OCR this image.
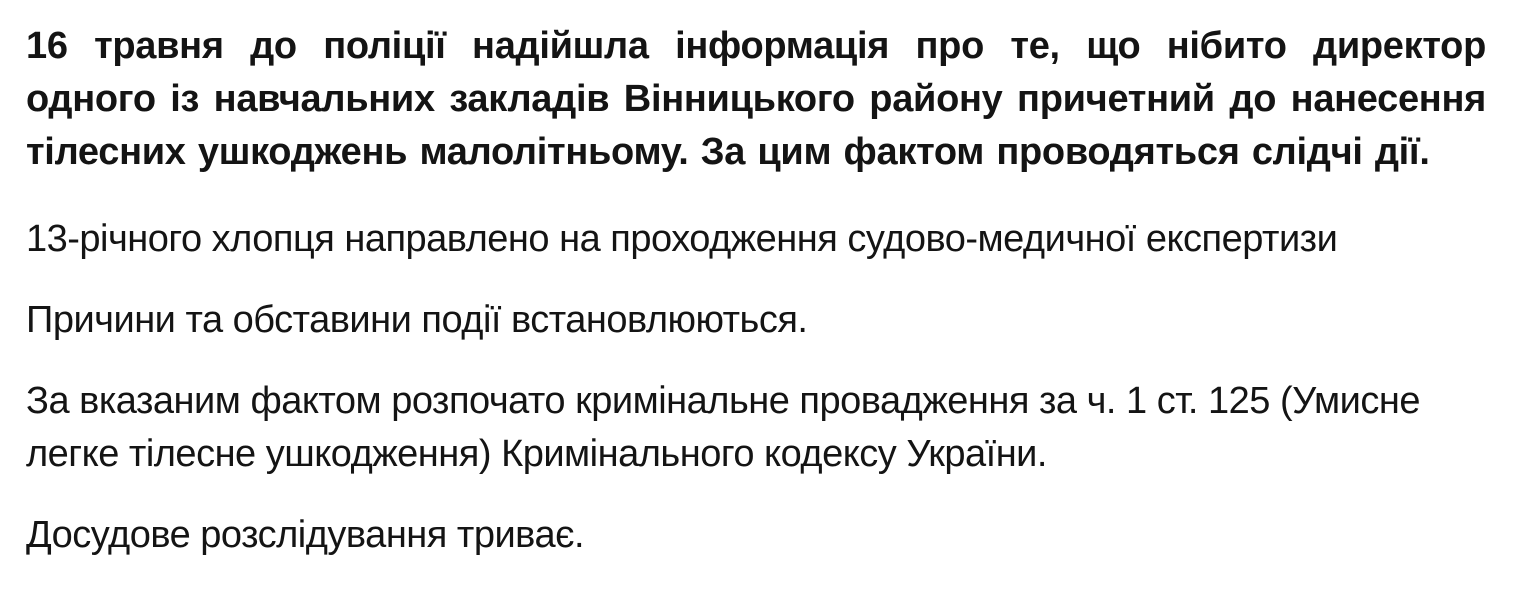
16 травня до поліції надійшла інформація про те, що нібито директор одного із навчальних закладів Вінницького району причетний до нанесення тілесних ушкоджень малолітньому. За цим фактом проводяться слідчі дії.

13-річного хлопця направлено на проходження судово-медичної експертизи

Причини та обставини події встановлюються.

За вказаним фактом розпочато кримінальне провадження за ч. 1 ст. 125 (Умисне легке тілесне ушкодження) Кримінального кодексу України.

Досудове розслідування триває.
